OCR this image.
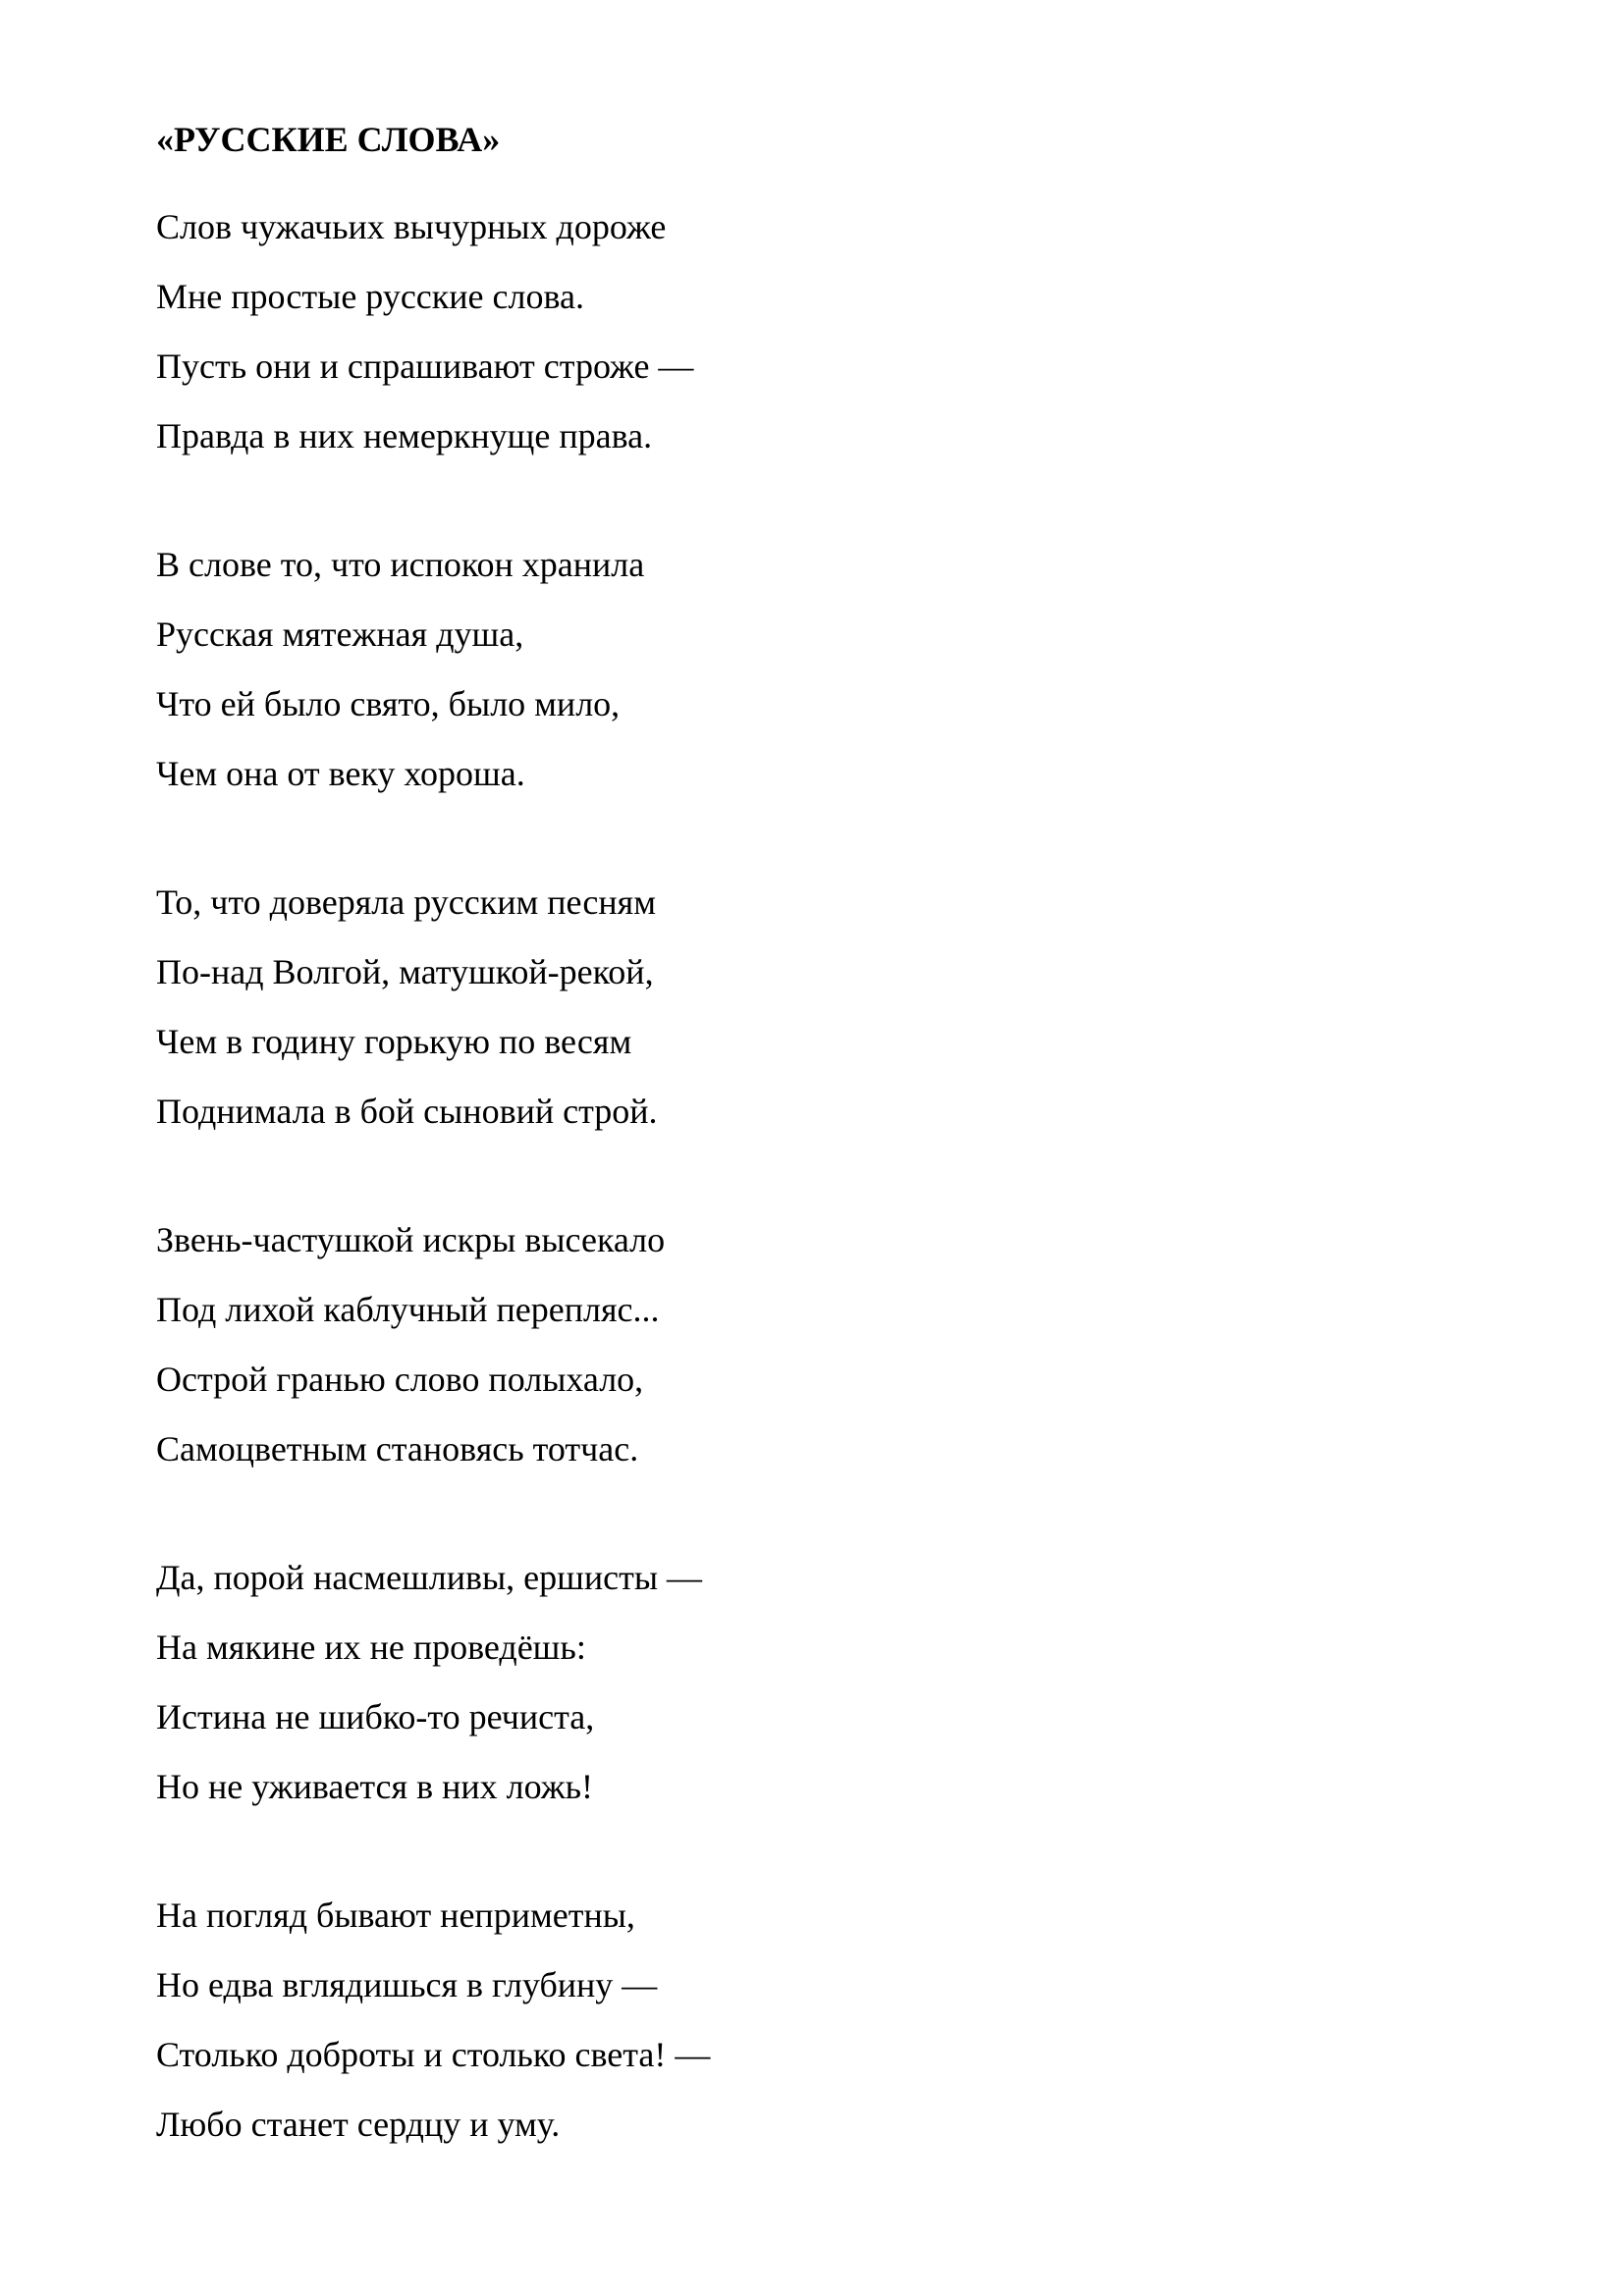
«РУССКИЕ СЛОВА»
Слов чужачьих вычурных дороже
Мне простые русские слова.
Пусть они и спрашивают строже —
Правда в них немеркнуще права.
В слове то, что испокон хранила
Русская мятежная душа,
Что ей было свято, было мило,
Чем она от веку хороша.
То, что доверяла русским песням
По-над Волгой, матушкой-рекой,
Чем в годину горькую по весям
Поднимала в бой сыновий строй.
Звень-частушкой искры высекало
Под лихой каблучный перепляс...
Острой гранью слово полыхало,
Самоцветным становясь тотчас.
Да, порой насмешливы, ершисты —
На мякине их не проведёшь:
Истина не шибко-то речиста,
Но не уживается в них ложь!
На погляд бывают неприметны,
Но едва вглядишься в глубину —
Столько доброты и столько света! —
Любо станет сердцу и уму.
